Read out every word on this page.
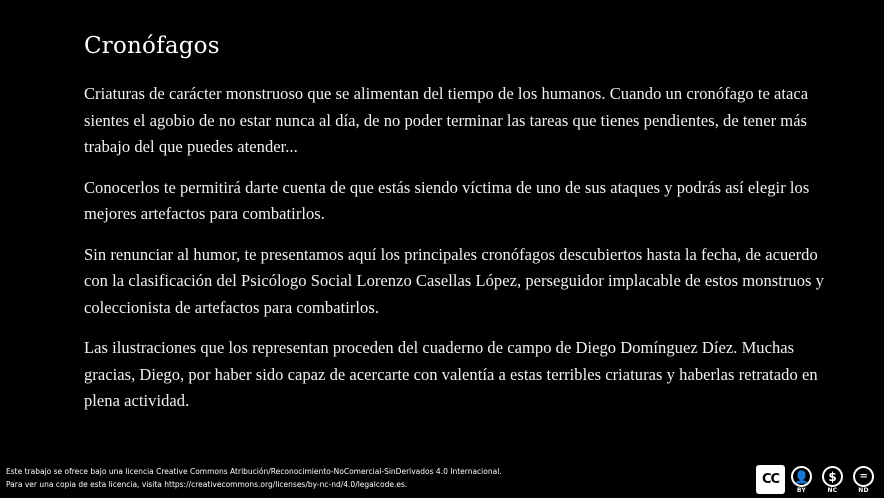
Cronófagos

Criaturas de carácter monstruoso que se alimentan del tiempo de los humanos. Cuando un cronófago te ataca sientes el agobio de no estar nunca al día, de no poder terminar las tareas que tienes pendientes, de tener más trabajo del que puedes atender...

Conocerlos te permitirá darte cuenta de que estás siendo víctima de uno de sus ataques y podrás así elegir los mejores artefactos para combatirlos.

Sin renunciar al humor, te presentamos aquí los principales cronófagos descubiertos hasta la fecha, de acuerdo con la clasificación del Psicólogo Social Lorenzo Casellas López, perseguidor implacable de estos monstruos y coleccionista de artefactos para combatirlos.

Las ilustraciones que los representan proceden del cuaderno de campo de Diego Domínguez Díez. Muchas gracias, Diego, por haber sido capaz de acercarte con valentía a estas terribles criaturas y haberlas retratado en plena actividad.

Este trabajo se ofrece bajo una licencia Creative Commons Atribución/Reconocimiento-NoComercial-SinDerivados 4.0 Internacional.
Para ver una copia de esta licencia, visita https://creativecommons.org/licenses/by-nc-nd/4.0/legalcode.es.	CC 👤
BY
$
NC
=
ND
